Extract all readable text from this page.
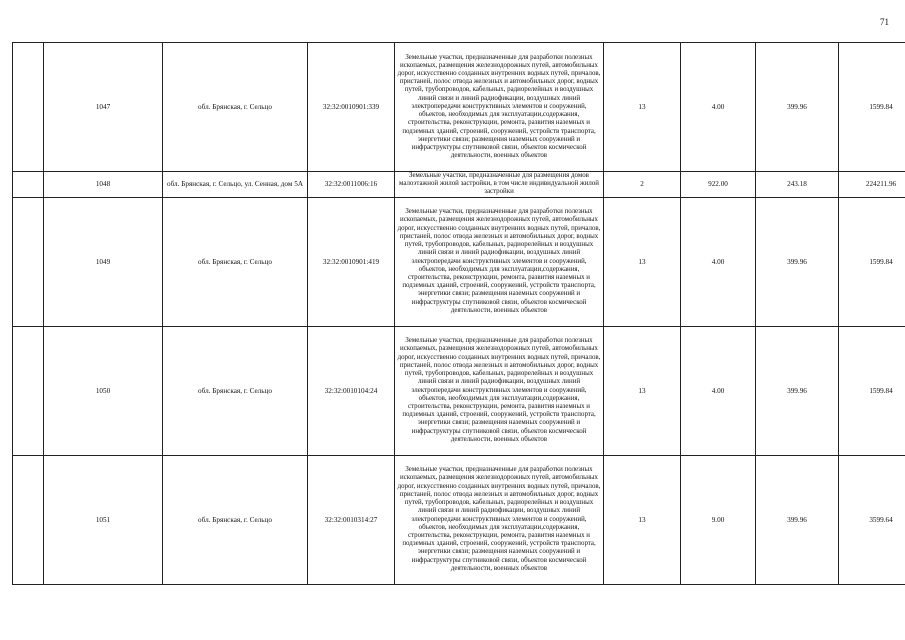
71
	1047	обл. Брянская, г. Сельцо	32:32:0010901:339	Земельные участки, предназначенные для разработки полезных ископаемых, размещения железнодорожных путей, автомобильных дорог, искусственно созданных внутренних водных путей, причалов, пристаней, полос отвода железных и автомобильных дорог, водных путей, трубопроводов, кабельных, радиорелейных и воздушных линий связи и линий радиофикации, воздушных линий электропередачи конструктивных элементов и сооружений, объектов, необходимых для эксплуатации,содержания, строительства, реконструкции, ремонта, развития наземных и подземных зданий, строений, сооружений, устройств транспорта, энергетики связи; размещения наземных сооружений и инфраструктуры спутниковой связи, объектов космической деятельности, военных объектов	13	4.00	399.96	1599.84
	1048	обл. Брянская, г. Сельцо, ул. Сенная, дом 5А	32:32:0011006:16	Земельные участки, предназначенные для размещения домов малоэтажной жилой застройки, в том числе индивидуальной жилой застройки	2	922.00	243.18	224211.96
	1049	обл. Брянская, г. Сельцо	32:32:0010901:419	Земельные участки, предназначенные для разработки полезных ископаемых, размещения железнодорожных путей, автомобильных дорог, искусственно созданных внутренних водных путей, причалов, пристаней, полос отвода железных и автомобильных дорог, водных путей, трубопроводов, кабельных, радиорелейных и воздушных линий связи и линий радиофикации, воздушных линий электропередачи конструктивных элементов и сооружений, объектов, необходимых для эксплуатации,содержания, строительства, реконструкции, ремонта, развития наземных и подземных зданий, строений, сооружений, устройств транспорта, энергетики связи; размещения наземных сооружений и инфраструктуры спутниковой связи, объектов космической деятельности, военных объектов	13	4.00	399.96	1599.84
	1050	обл. Брянская, г. Сельцо	32:32:0010104:24	Земельные участки, предназначенные для разработки полезных ископаемых, размещения железнодорожных путей, автомобильных дорог, искусственно созданных внутренних водных путей, причалов, пристаней, полос отвода железных и автомобильных дорог, водных путей, трубопроводов, кабельных, радиорелейных и воздушных линий связи и линий радиофикации, воздушных линий электропередачи конструктивных элементов и сооружений, объектов, необходимых для эксплуатации,содержания, строительства, реконструкции, ремонта, развития наземных и подземных зданий, строений, сооружений, устройств транспорта, энергетики связи; размещения наземных сооружений и инфраструктуры спутниковой связи, объектов космической деятельности, военных объектов	13	4.00	399.96	1599.84
	1051	обл. Брянская, г. Сельцо	32:32:0010314:27	Земельные участки, предназначенные для разработки полезных ископаемых, размещения железнодорожных путей, автомобильных дорог, искусственно созданных внутренних водных путей, причалов, пристаней, полос отвода железных и автомобильных дорог, водных путей, трубопроводов, кабельных, радиорелейных и воздушных линий связи и линий радиофикации, воздушных линий электропередачи конструктивных элементов и сооружений, объектов, необходимых для эксплуатации,содержания, строительства, реконструкции, ремонта, развития наземных и подземных зданий, строений, сооружений, устройств транспорта, энергетики связи; размещения наземных сооружений и инфраструктуры спутниковой связи, объектов космической деятельности, военных объектов	13	9.00	399.96	3599.64
